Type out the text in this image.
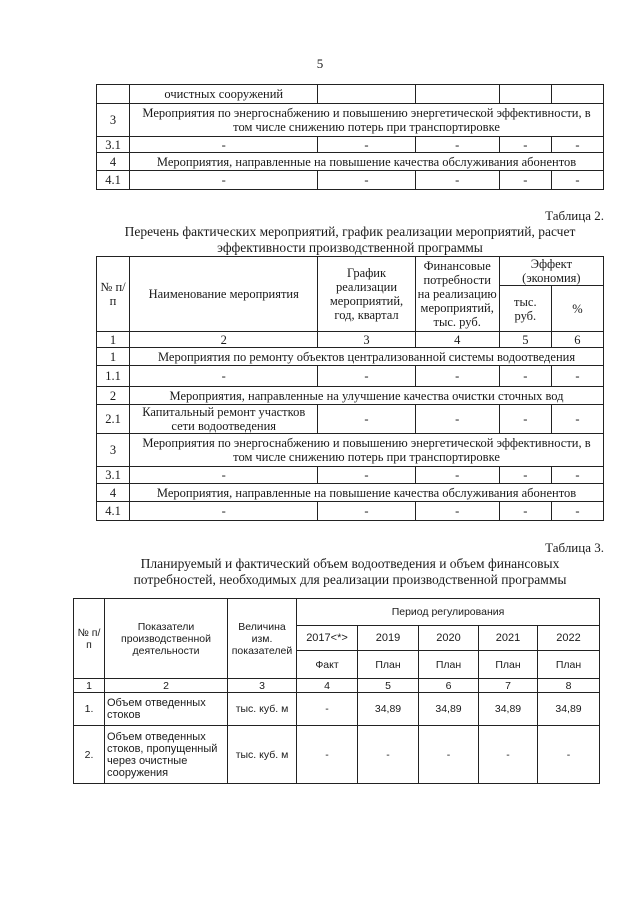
5
	очистных сооружений				
3	Мероприятия по энергоснабжению и повышению энергетической эффективности, в том числе снижению потерь при транспортировке				
3.1	-	-	-	-	-
4	Мероприятия, направленные на повышение качества обслуживания абонентов				
4.1	-	-	-	-	-
Таблица 2.
Перечень фактических мероприятий, график реализации мероприятий, расчет эффективности производственной программы
№ п/ п	Наименование мероприятия	График реализации мероприятий, год, квартал	Финансовые потребности на реализацию мероприятий, тыс. руб.	Эффект (экономия)	
				тыс. руб.	%
1	2	3	4	5	6
1	Мероприятия по ремонту объектов централизованной системы водоотведения				
1.1	-	-	-	-	-
2	Мероприятия, направленные на улучшение качества очистки сточных вод				
2.1	Капитальный ремонт участков сети водоотведения	-	-	-	-
3	Мероприятия по энергоснабжению и повышению энергетической эффективности, в том числе снижению потерь при транспортировке				
3.1	-	-	-	-	-
4	Мероприятия, направленные на повышение качества обслуживания абонентов				
4.1	-	-	-	-	-
Таблица 3.
Планируемый и фактический объем водоотведения и объем финансовых потребностей, необходимых для реализации производственной программы
№ п/п	Показатели производственной деятельности	Величина изм. показателей	Период регулирования				
			2017<*>	2019	2020	2021	2022
			Факт	План	План	План	План
1	2	3	4	5	6	7	8
1.	Объем отведенных стоков	тыс. куб. м	-	34,89	34,89	34,89	34,89
2.	Объем отведенных стоков, пропущенный через очистные сооружения	тыс. куб. м	-	-	-	-	-
